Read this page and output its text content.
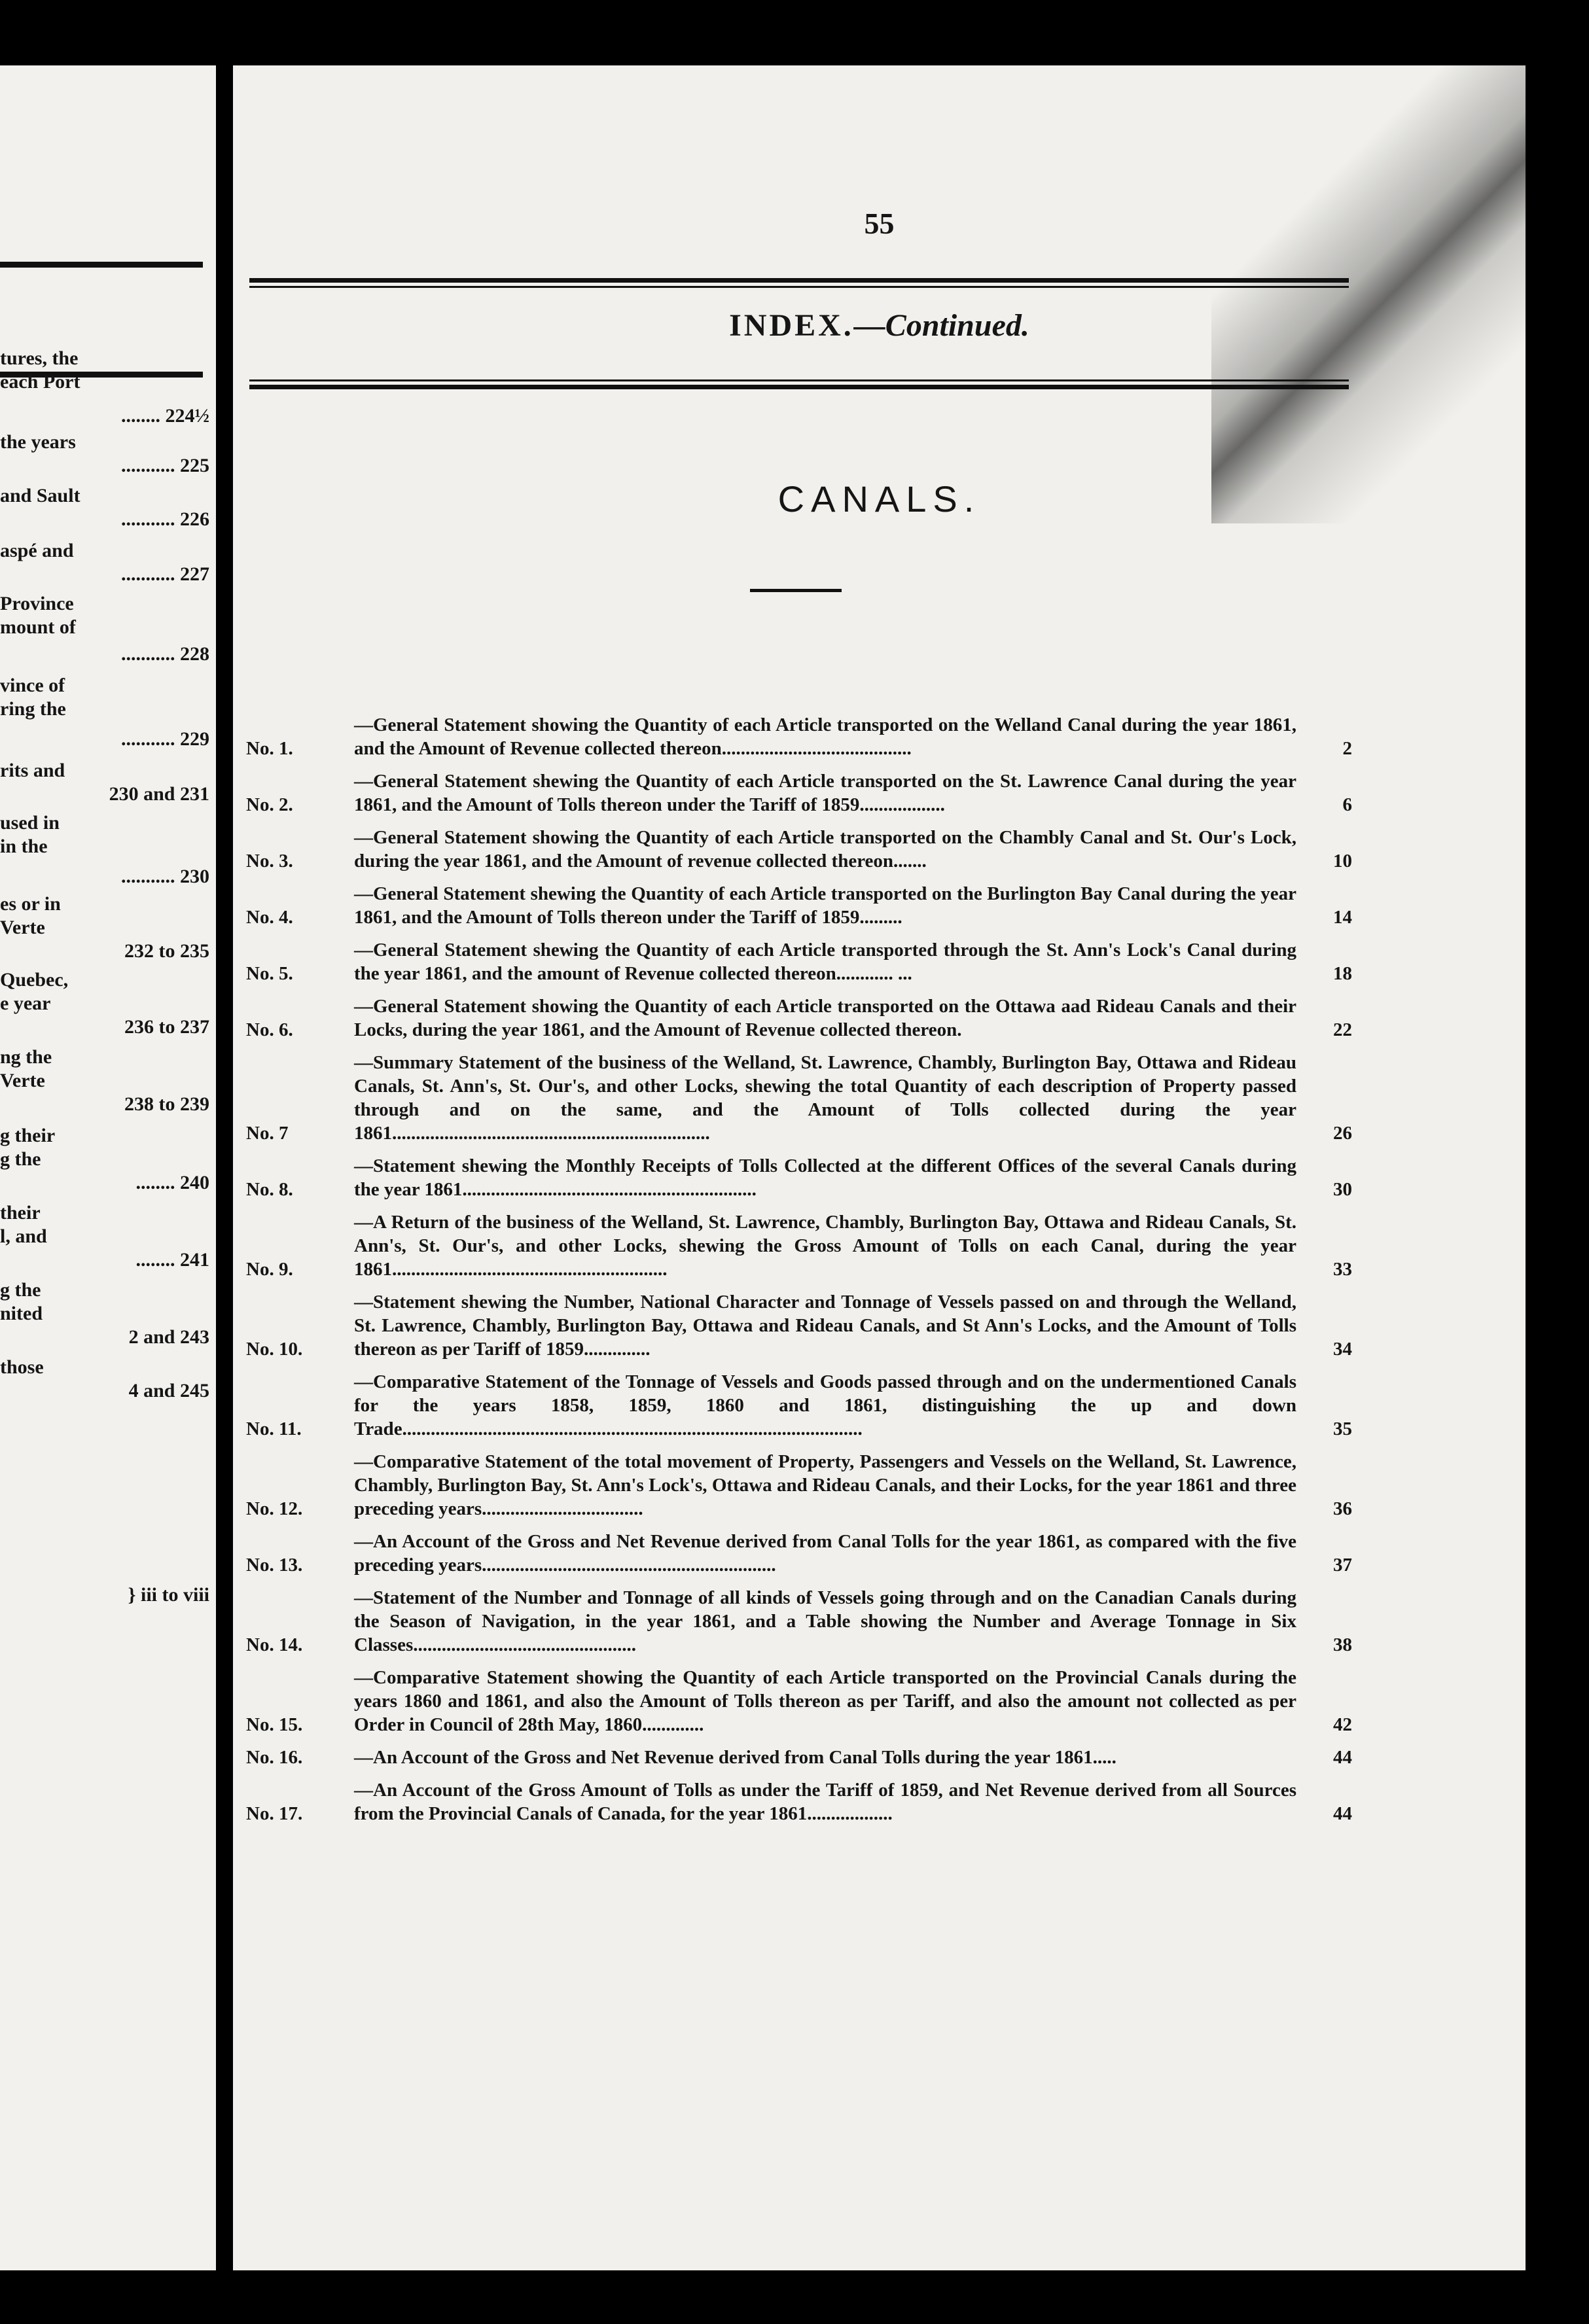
tures, the
each Port
........ 224½
the years
........... 225
and Sault
........... 226
aspé and
........... 227
Province
mount of
........... 228
vince of
ring the
........... 229
rits and
230 and 231
used in
in the
........... 230
es or in
Verte
232 to 235
Quebec,
e year
236 to 237
ng the
Verte
238 to 239
g their
g the
........ 240
their
l, and
........ 241
g the
nited
2 and 243
those
4 and 245
} iii to viii
55
INDEX.—Continued.
CANALS.
No. 1.
—General Statement showing the Quantity of each Article transported on the Welland Canal during the year 1861, and the Amount of Revenue collected thereon........................................	2
No. 2.
—General Statement shewing the Quantity of each Article transported on the St. Lawrence Canal during the year 1861, and the Amount of Tolls thereon under the Tariff of 1859..................	6
No. 3.
—General Statement showing the Quantity of each Article transported on the Chambly Canal and St. Our's Lock, during the year 1861, and the Amount of revenue collected thereon.......	10
No. 4.
—General Statement shewing the Quantity of each Article transported on the Burlington Bay Canal during the year 1861, and the Amount of Tolls thereon under the Tariff of 1859.........	14
No. 5.
—General Statement shewing the Quantity of each Article transported through the St. Ann's Lock's Canal during the year 1861, and the amount of Revenue collected thereon............ ...	18
No. 6.
—General Statement showing the Quantity of each Article transported on the Ottawa aad Rideau Canals and their Locks, during the year 1861, and the Amount of Revenue collected thereon.	22
No. 7
—Summary Statement of the business of the Welland, St. Lawrence, Chambly, Burlington Bay, Ottawa and Rideau Canals, St. Ann's, St. Our's, and other Locks, shewing the total Quantity of each description of Property passed through and on the same, and the Amount of Tolls collected during the year 1861...................................................................	26
No. 8.
—Statement shewing the Monthly Receipts of Tolls Collected at the different Offices of the several Canals during the year 1861..............................................................	30
No. 9.
—A Return of the business of the Welland, St. Lawrence, Chambly, Burlington Bay, Ottawa and Rideau Canals, St. Ann's, St. Our's, and other Locks, shewing the Gross Amount of Tolls on each Canal, during the year 1861..........................................................	33
No. 10.
—Statement shewing the Number, National Character and Tonnage of Vessels passed on and through the Welland, St. Lawrence, Chambly, Burlington Bay, Ottawa and Rideau Canals, and St Ann's Locks, and the Amount of Tolls thereon as per Tariff of 1859..............	34
No. 11.
—Comparative Statement of the Tonnage of Vessels and Goods passed through and on the undermentioned Canals for the years 1858, 1859, 1860 and 1861, distinguishing the up and down Trade.................................................................................................	35
No. 12.
—Comparative Statement of the total movement of Property, Passengers and Vessels on the Welland, St. Lawrence, Chambly, Burlington Bay, St. Ann's Lock's, Ottawa and Rideau Canals, and their Locks, for the year 1861 and three preceding years..................................	36
No. 13.
—An Account of the Gross and Net Revenue derived from Canal Tolls for the year 1861, as compared with the five preceding years..............................................................	37
No. 14.
—Statement of the Number and Tonnage of all kinds of Vessels going through and on the Canadian Canals during the Season of Navigation, in the year 1861, and a Table showing the Number and Average Tonnage in Six Classes...............................................	38
No. 15.
—Comparative Statement showing the Quantity of each Article transported on the Provincial Canals during the years 1860 and 1861, and also the Amount of Tolls thereon as per Tariff, and also the amount not collected as per Order in Council of 28th May, 1860.............	42
No. 16.	—An Account of the Gross and Net Revenue derived from Canal Tolls during the year 1861.....	44
No. 17.
—An Account of the Gross Amount of Tolls as under the Tariff of 1859, and Net Revenue derived from all Sources from the Provincial Canals of Canada, for the year 1861..................	44
